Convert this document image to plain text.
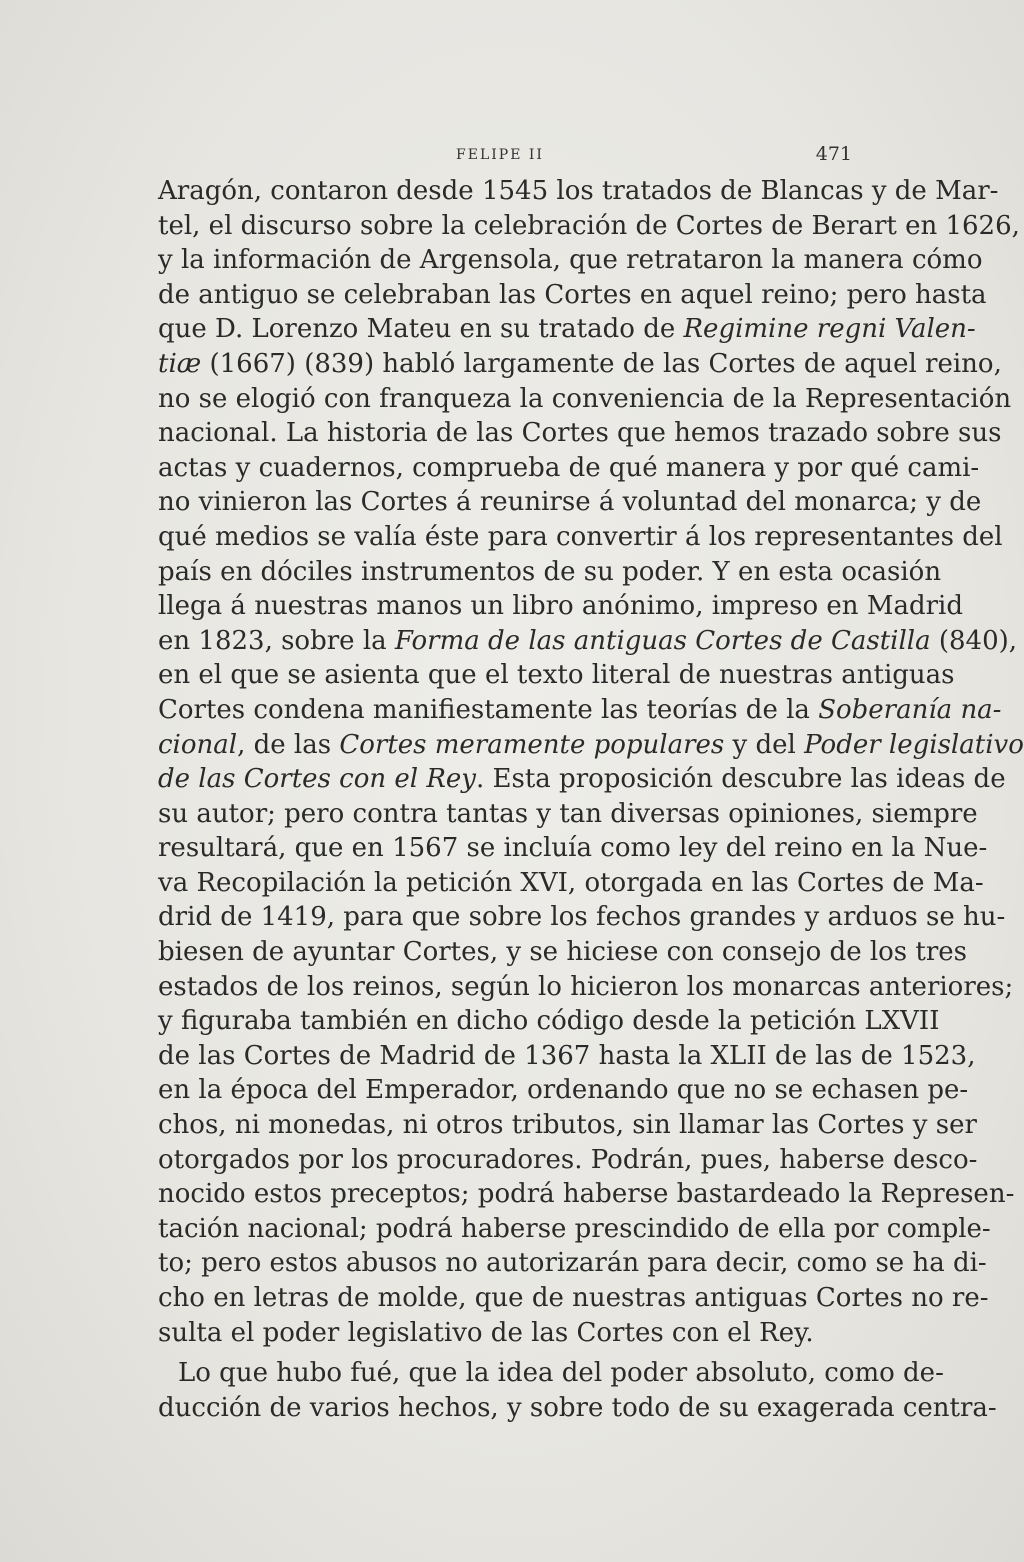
FELIPE II	471
Aragón, contaron desde 1545 los tratados de Blancas y de Mar-
tel, el discurso sobre la celebración de Cortes de Berart en 1626,
y la información de Argensola, que retrataron la manera cómo
de antiguo se celebraban las Cortes en aquel reino; pero hasta
que D. Lorenzo Mateu en su tratado de Regimine regni Valen-
tiæ (1667) (839) habló largamente de las Cortes de aquel reino,
no se elogió con franqueza la conveniencia de la Representación
nacional. La historia de las Cortes que hemos trazado sobre sus
actas y cuadernos, comprueba de qué manera y por qué cami-
no vinieron las Cortes á reunirse á voluntad del monarca; y de
qué medios se valía éste para convertir á los representantes del
país en dóciles instrumentos de su poder. Y en esta ocasión
llega á nuestras manos un libro anónimo, impreso en Madrid
en 1823, sobre la Forma de las antiguas Cortes de Castilla (840),
en el que se asienta que el texto literal de nuestras antiguas
Cortes condena manifiestamente las teorías de la Soberanía na-
cional, de las Cortes meramente populares y del Poder legislativo
de las Cortes con el Rey. Esta proposición descubre las ideas de
su autor; pero contra tantas y tan diversas opiniones, siempre
resultará, que en 1567 se incluía como ley del reino en la Nue-
va Recopilación la petición XVI, otorgada en las Cortes de Ma-
drid de 1419, para que sobre los fechos grandes y arduos se hu-
biesen de ayuntar Cortes, y se hiciese con consejo de los tres
estados de los reinos, según lo hicieron los monarcas anteriores;
y figuraba también en dicho código desde la petición LXVII
de las Cortes de Madrid de 1367 hasta la XLII de las de 1523,
en la época del Emperador, ordenando que no se echasen pe-
chos, ni monedas, ni otros tributos, sin llamar las Cortes y ser
otorgados por los procuradores. Podrán, pues, haberse desco-
nocido estos preceptos; podrá haberse bastardeado la Represen-
tación nacional; podrá haberse prescindido de ella por comple-
to; pero estos abusos no autorizarán para decir, como se ha di-
cho en letras de molde, que de nuestras antiguas Cortes no re-
sulta el poder legislativo de las Cortes con el Rey.
Lo que hubo fué, que la idea del poder absoluto, como de-
ducción de varios hechos, y sobre todo de su exagerada centra-
